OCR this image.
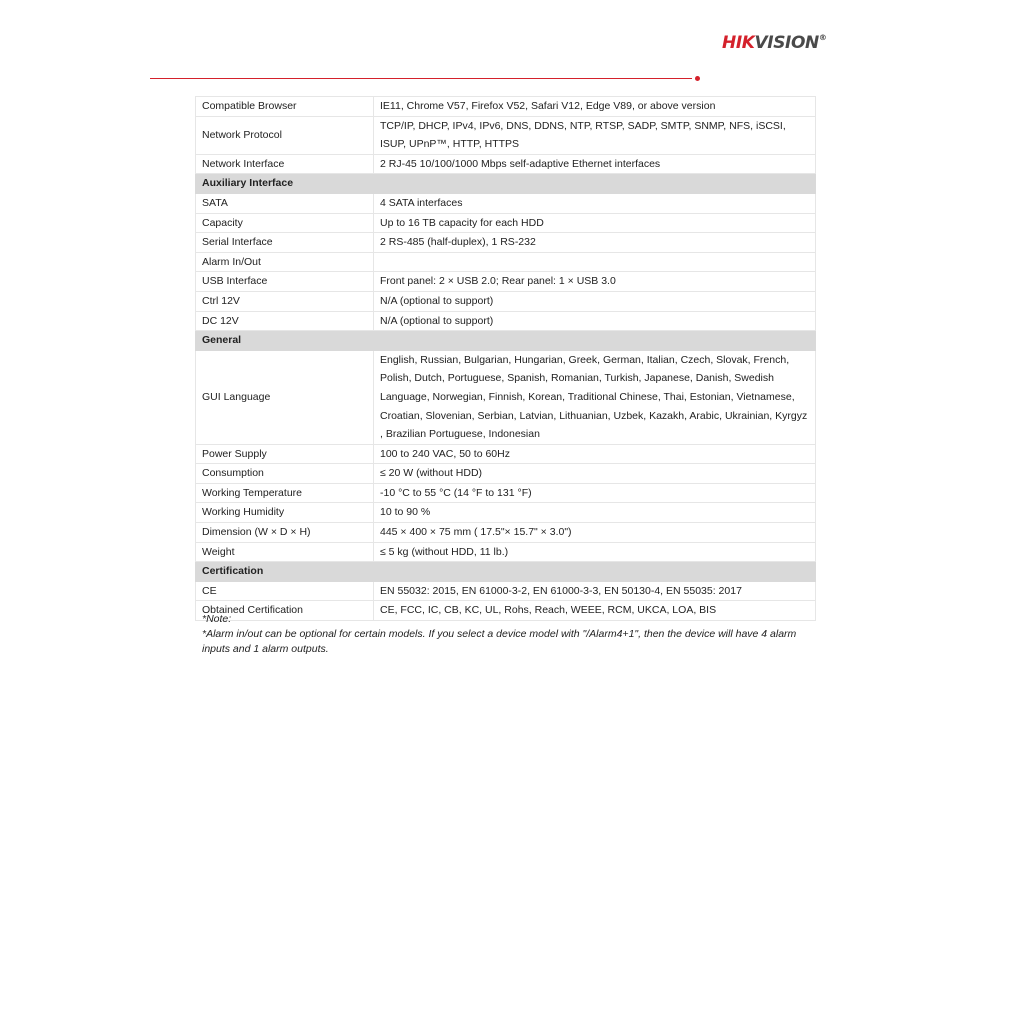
HIKVISION®
Compatible Browser	IE11, Chrome V57, Firefox V52, Safari V12, Edge V89, or above version
Network Protocol	TCP/IP, DHCP, IPv4, IPv6, DNS, DDNS, NTP, RTSP, SADP, SMTP, SNMP, NFS, iSCSI, ISUP, UPnP™, HTTP, HTTPS
Network Interface	2 RJ-45 10/100/1000 Mbps self-adaptive Ethernet interfaces
Auxiliary Interface	
SATA	4 SATA interfaces
Capacity	Up to 16 TB capacity for each HDD
Serial Interface	2 RS-485 (half-duplex), 1 RS-232
Alarm In/Out	
USB Interface	Front panel: 2 × USB 2.0; Rear panel: 1 × USB 3.0
Ctrl 12V	N/A (optional to support)
DC 12V	N/A (optional to support)
General	
GUI Language	English, Russian, Bulgarian, Hungarian, Greek, German, Italian, Czech, Slovak, French, Polish, Dutch, Portuguese, Spanish, Romanian, Turkish, Japanese, Danish, Swedish Language, Norwegian, Finnish, Korean, Traditional Chinese, Thai, Estonian, Vietnamese, Croatian, Slovenian, Serbian, Latvian, Lithuanian, Uzbek, Kazakh, Arabic, Ukrainian, Kyrgyz , Brazilian Portuguese, Indonesian
Power Supply	100 to 240 VAC, 50 to 60Hz
Consumption	≤ 20 W (without HDD)
Working Temperature	-10 °C to 55 °C (14 °F to 131 °F)
Working Humidity	10 to 90 %
Dimension (W × D × H)	445 × 400 × 75 mm ( 17.5"× 15.7" × 3.0")
Weight	≤ 5 kg (without HDD, 11 lb.)
Certification	
CE	EN 55032: 2015, EN 61000-3-2, EN 61000-3-3, EN 50130-4, EN 55035: 2017
Obtained Certification	CE, FCC, IC, CB, KC, UL, Rohs, Reach, WEEE, RCM, UKCA, LOA, BIS

*Note:

*Alarm in/out can be optional for certain models. If you select a device model with "/Alarm4+1", then the device will have 4 alarm inputs and 1 alarm outputs.
